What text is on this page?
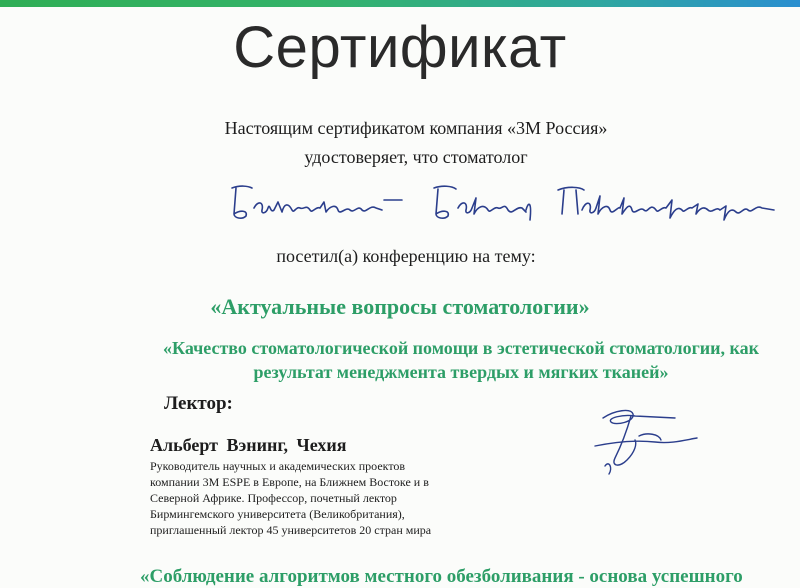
Сертификат
Настоящим сертификатом компания «3М Россия»
удостоверяет, что стоматолог
посетил(а) конференцию на тему:
«Актуальные вопросы стоматологии»
«Качество стоматологической помощи в эстетической стоматологии, как результат менеджмента твердых и мягких тканей»
Лектор:
Альберт Вэнинг, Чехия
Руководитель научных и академических проектов
компании 3M ESPE в Европе, на Ближнем Востоке и в
Северной Африке. Профессор, почетный лектор
Бирмингемского университета (Великобритания),
приглашенный лектор 45 университетов 20 стран мира
«Соблюдение алгоритмов местного обезболивания - основа успешного
